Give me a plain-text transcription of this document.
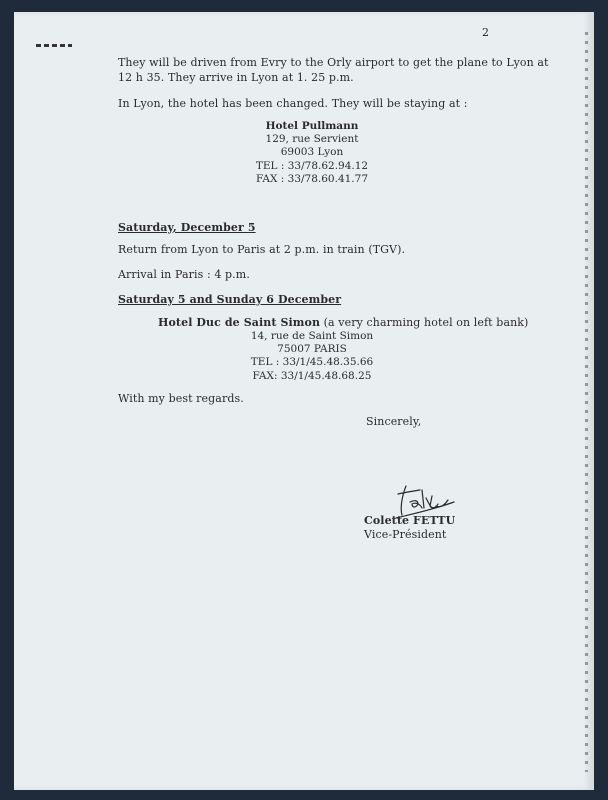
2
They will be driven from Evry to the Orly airport to get the plane to Lyon at
12 h 35. They arrive in Lyon at 1. 25 p.m.
In Lyon, the hotel has been changed. They will be staying at :
Hotel Pullmann
129, rue Servient
69003 Lyon
TEL : 33/78.62.94.12
FAX : 33/78.60.41.77
Saturday, December 5
Return from Lyon to Paris at 2 p.m. in train (TGV).
Arrival in Paris : 4 p.m.
Saturday 5 and Sunday 6 December
Hotel Duc de Saint Simon (a very charming hotel on left bank)
14, rue de Saint Simon
75007 PARIS
TEL : 33/1/45.48.35.66
FAX: 33/1/45.48.68.25
With my best regards.
Sincerely,
Colette FETTU
Vice-Président
